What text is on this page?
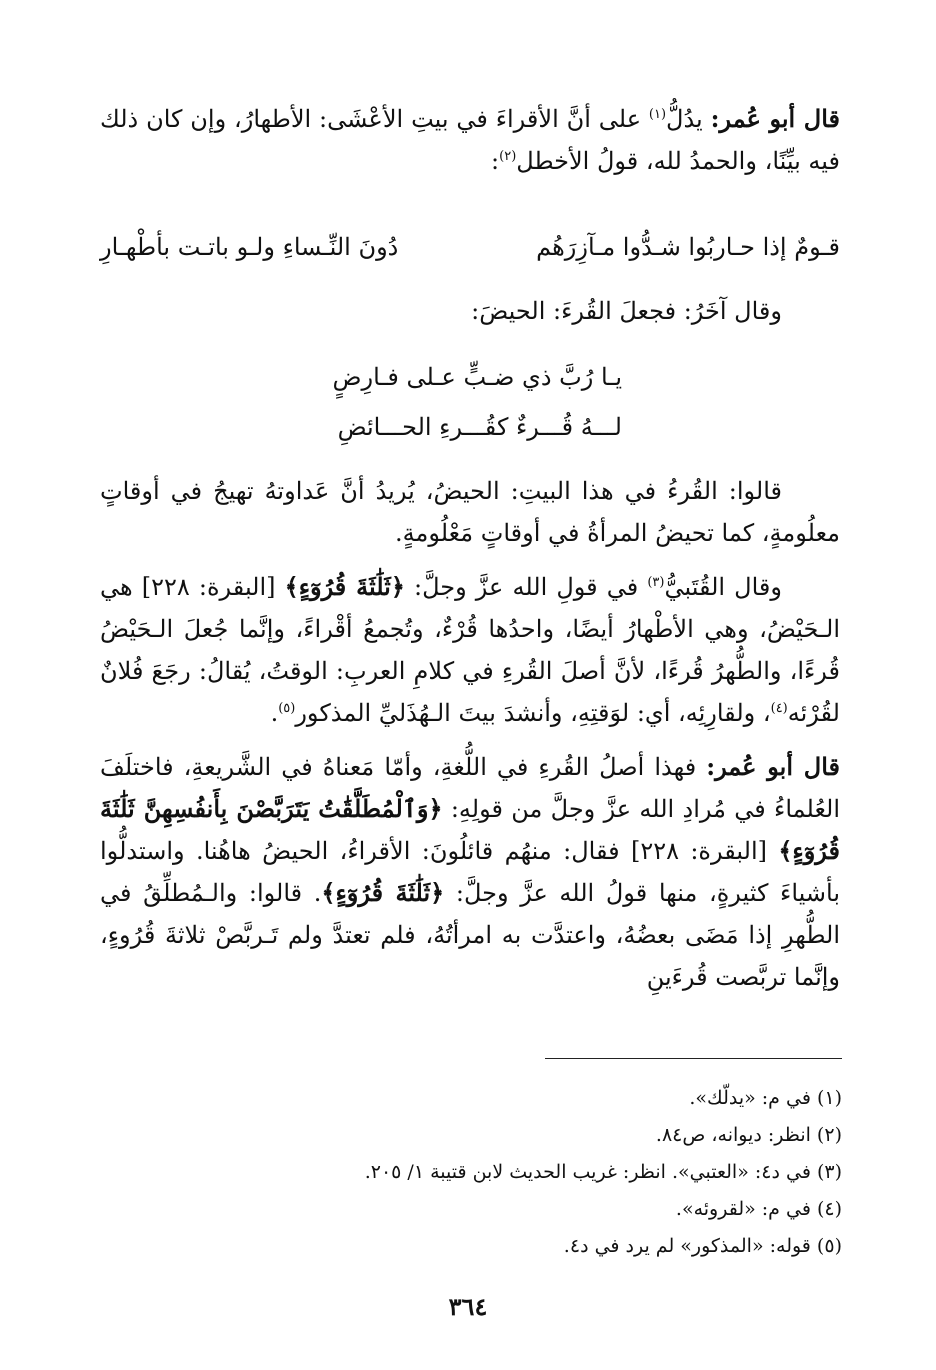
قال أبو عُمر: يدُلُّ$^{(١)}$ على أنَّ الأقراءَ في بيتِ الأعْشَى: الأطهارُ، وإن كان ذلك فيه بيِّنًا، والحمدُ لله، قولُ الأخطل$^{(٢)}$:

قـومٌ إذا حـاربُوا شـدُّوا مـآزِرَهُم
دُونَ النِّـساءِ ولـو باتـت بأطْهـارِ

وقال آخَرُ: فجعلَ القُرءَ: الحيضَ:

يـا رُبَّ ذي ضـبٍّ عـلى فـارِضٍ
لـــهُ قُـــرءٌ كقُـــرءِ الحـــائضِ

قالوا: القُرءُ في هذا البيتِ: الحيضُ، يُريدُ أنَّ عَداوتهُ تهيجُ في أوقاتٍ معلُومةٍ، كما تحيضُ المرأةُ في أوقاتٍ مَعْلُومةٍ.

وقال القُتَبيُّ$^{(٣)}$ في قولِ الله عزَّ وجلَّ: ﴿ثَلَٰثَةَ قُرُوٓءٍ﴾ [البقرة: ٢٢٨] هي الـحَيْضُ، وهي الأطْهارُ أيضًا، واحدُها قُرْءٌ، وتُجمعُ أقْراءً، وإنَّما جُعلَ الـحَيْضُ قُرءًا، والطُّهرُ قُرءًا، لأنَّ أصلَ القُرءِ في كلامِ العربِ: الوقتُ، يُقالُ: رجَعَ فُلانٌ لقُرْئه$^{(٤)}$، ولقارِئِه، أي: لوَقتِهِ، وأنشدَ بيتَ الـهُذَليِّ المذكور$^{(٥)}$.

قال أبو عُمر: فهذا أصلُ القُرءِ في اللُّغةِ، وأمّا مَعناهُ في الشَّريعةِ، فاختلَفَ العُلماءُ في مُرادِ الله عزَّ وجلَّ من قولِهِ: ﴿وَٱلْمُطَلَّقَٰتُ يَتَرَبَّصْنَ بِأَنفُسِهِنَّ ثَلَٰثَةَ قُرُوٓءٍ﴾ [البقرة: ٢٢٨] فقال: منهُم قائلُونَ: الأقراءُ، الحيضُ هاهُنا. واستدلُّوا بأشياءَ كثيرةٍ، منها قولُ الله عزَّ وجلَّ: ﴿ثَلَٰثَةَ قُرُوٓءٍ﴾. قالوا: والـمُطلِّقُ في الطُّهرِ إذا مَضَى بعضُهُ، واعتدَّت به امرأتُهُ، فلم تعتدَّ ولم تَـربَّصْ ثلاثةَ قُرُوءٍ، وإنَّما تربَّصت قُرءَينِ

(١) في م: «يدلّك».

(٢) انظر: ديوانه، ص٨٤.

(٣) في د٤: «العتبي». انظر: غريب الحديث لابن قتيبة ١/ ٢٠٥.

(٤) في م: «لقروئه».

(٥) قوله: «المذكور» لم يرد في د٤.

٣٦٤
